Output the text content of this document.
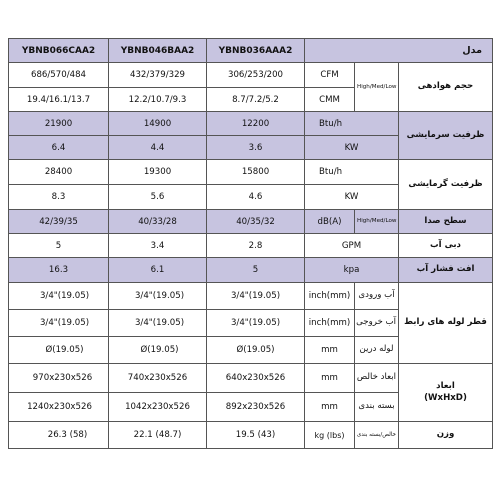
YBNB066CAA2	YBNB046BAA2	YBNB036AAA2	مدل		
686/570/484	432/379/329	306/253/200	CFM	High/Med/Low	حجم هوادهی
19.4/16.1/13.7	12.2/10.7/9.3	8.7/7.2/5.2	CMM		
21900	14900	12200	Btu/h		ظرفیت سرمایشی
6.4	4.4	3.6	KW		
28400	19300	15800	Btu/h		ظرفیت گرمایشی
8.3	5.6	4.6	KW		
42/39/35	40/33/28	40/35/32	dB(A)	High/Med/Low	سطح صدا
5	3.4	2.8	GPM		دبی آب
16.3	6.1	5	kpa		افت فشار آب
3/4"(19.05)	3/4"(19.05)	3/4"(19.05)	inch(mm)	آب ورودی	قطر لوله های رابط
3/4"(19.05)	3/4"(19.05)	3/4"(19.05)	inch(mm)	آب خروجی	
Ø(19.05)	Ø(19.05)	Ø(19.05)	mm	لوله درین	
970x230x526	740x230x526	640x230x526	mm	ابعاد خالص	ابعاد
(WxHxD)

1240x230x526	1042x230x526	892x230x526	mm	بسته بندی	
26.3 (58)	22.1 (48.7)	19.5 (43)	kg (lbs)	خالص/بسته بندی	وزن
